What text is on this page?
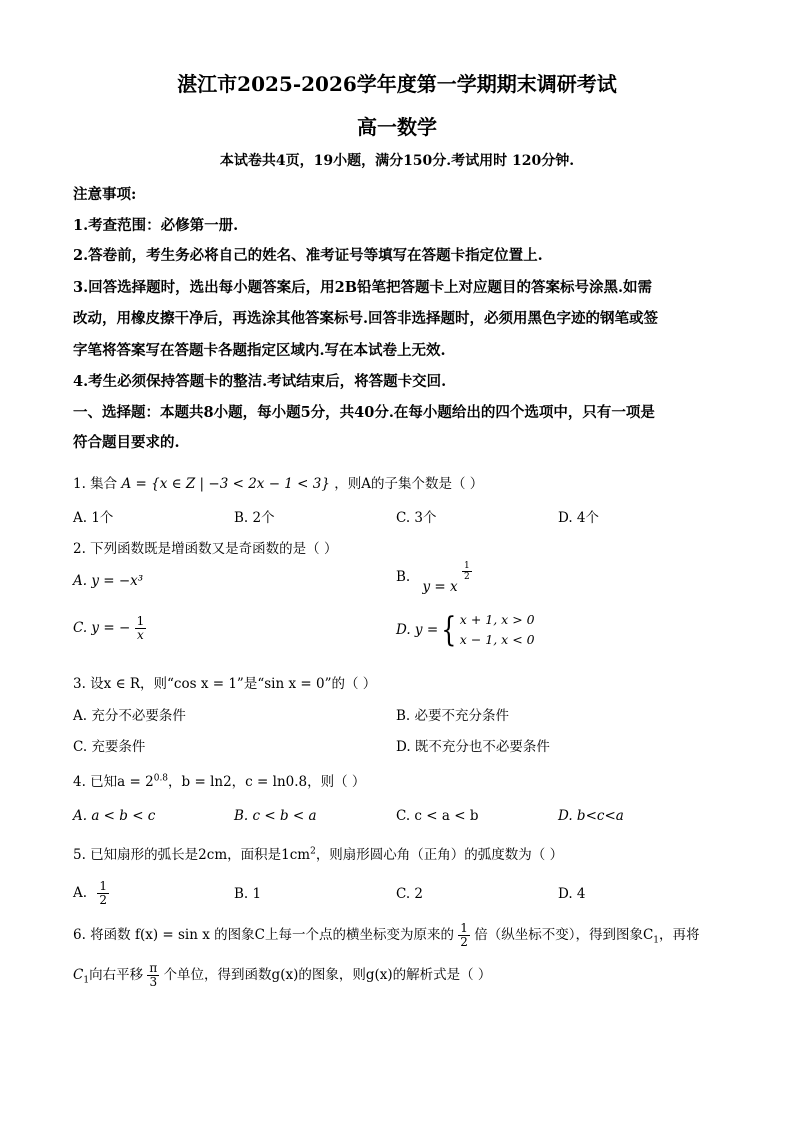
湛江市2025-2026学年度第一学期期末调研考试
高一数学
本试卷共4页，19小题，满分150分.考试用时 120分钟.
注意事项:
1.考查范围：必修第一册.
2.答卷前，考生务必将自己的姓名、准考证号等填写在答题卡指定位置上.
3.回答选择题时，选出每小题答案后，用2B铅笔把答题卡上对应题目的答案标号涂黑.如需
改动，用橡皮擦干净后，再选涂其他答案标号.回答非选择题时，必须用黑色字迹的钢笔或签
字笔将答案写在答题卡各题指定区域内.写在本试卷上无效.
4.考生必须保持答题卡的整洁.考试结束后，将答题卡交回.
一、选择题：本题共8小题，每小题5分，共40分.在每小题给出的四个选项中，只有一项是
符合题目要求的.
1. 集合 A = {x ∈ Z | −3 < 2x − 1 < 3} ，则A的子集个数是（ ）
A. 1个	B. 2个	C. 3个	D. 4个
2. 下列函数既是增函数又是奇函数的是（ ）
A. y = −x³	B. y = x
$\frac{1}{2}$
C. y = − $\frac{1}{x}$	D. y = { x + 1, x > 0
x − 1, x < 0
3. 设x ∈ R，则“cos x = 1”是“sin x = 0”的（ ）
A. 充分不必要条件	B. 必要不充分条件
C. 充要条件	D. 既不充分也不必要条件
4. 已知$a = 2^{0.8}$，b = ln2，c = ln0.8，则（ ）
A. a < b < c	B. c < b < a	C. c < a < b	D. b<c<a
5. 已知扇形的弧长是2cm，面积是$1cm^2$，则扇形圆心角（正角）的弧度数为（ ）
A. $\frac{1}{2}$	B. 1	C. 2	D. 4
6. 将函数 f(x) = sin x 的图象C上每一个点的横坐标变为原来的 $\frac{1}{2}$ 倍（纵坐标不变），得到图象$C_1$，再将
$C_1$向右平移 $\frac{\pi}{3}$ 个单位，得到函数g(x)的图象，则g(x)的解析式是（ ）
